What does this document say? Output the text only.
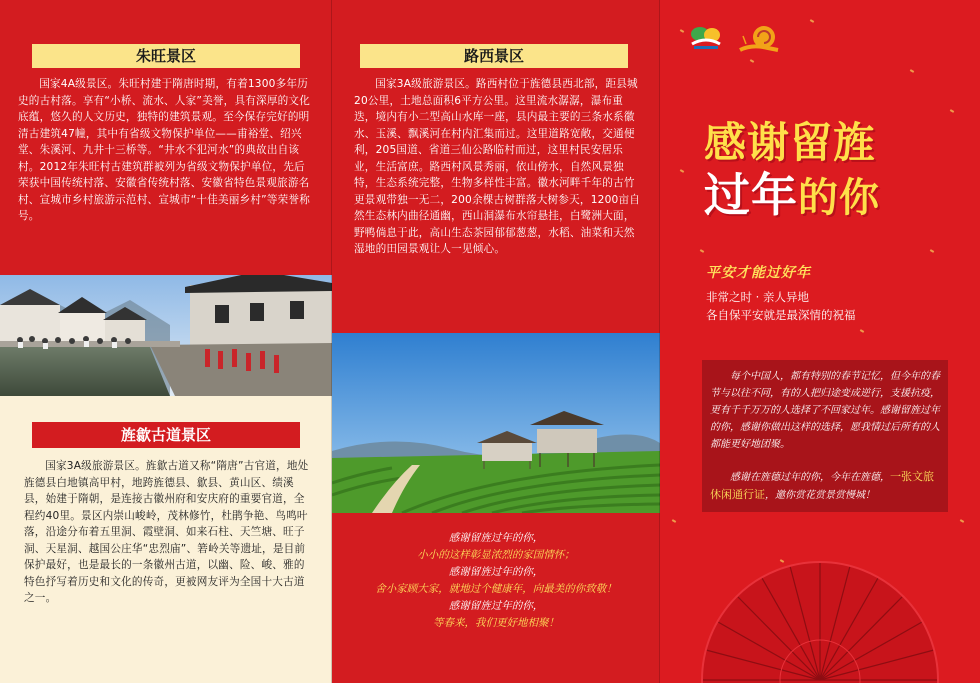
朱旺景区
国家4A级景区。朱旺村建于隋唐时期，有着1300多年历史的古村落。享有“小桥、流水、人家”美誉，具有深厚的文化底蕴，悠久的人文历史，独特的建筑景观。至今保存完好的明清古建筑47幢，其中有省级文物保护单位——甫裕堂、绍兴堂、朱溪河、九井十三桥等。“井水不犯河水”的典故出自该村。2012年朱旺村古建筑群被列为省级文物保护单位，先后荣获中国传统村落、安徽省传统村落、安徽省特色景观旅游名村、宣城市乡村旅游示范村、宣城市“十佳美丽乡村”等荣誉称号。
旌歙古道景区
国家3A级旅游景区。旌歙古道又称“隋唐”古官道，地处旌德县白地镇高甲村，地跨旌德县、歙县、黄山区、绩溪县，始建于隋朝，是连接古徽州府和安庆府的重要官道，全程约40里。景区内崇山峻岭，茂林修竹，杜鹃争艳、鸟鸣叶落，沿途分布着五里洞、霞壁洞、如来石柱、天竺塘、旺子洞、天星洞、越国公庄华“忠烈庙”、箬岭关等遗址，是目前保护最好，也是最长的一条徽州古道，以幽、险、峻、雅的特色抒写着历史和文化的传奇，更被网友评为全国十大古道之一。
路西景区
国家3A级旅游景区。路西村位于旌德县西北部，距县城20公里，土地总面积6平方公里。这里流水潺潺，瀑布重迭，境内有小二型高山水库一座，县内最主要的三条水系徽水、玉溪、飘溪河在村内汇集而过。这里道路宽敞，交通便利，205国道、省道三仙公路临村而过，这里村民安居乐业，生活富庶。路西村风景秀丽，依山傍水，自然风景独特，生态系统完整，生物多样性丰富。徽水河畔千年的古竹更景观带独一无二，200余棵古树群落大树参天，1200亩自然生态林内曲径通幽，西山洞瀑布水帘悬挂，白鹭洲大面，野鸭倘息于此，高山生态茶园郁郁葱葱，水稻、油菜和天然湿地的田园景观让人一见倾心。
感谢留旌过年的你，
小小的这样彰显浓烈的家国情怀；
感谢留旌过年的你，
舍小家顾大家，就地过个健康年，向最美的你致敬！
感谢留旌过年的你，
等春来，我们更好地相聚！
感谢留旌
过年的你
平安才能过好年
非常之时 · 亲人异地
各自保平安就是最深情的祝福
每个中国人，都有特别的春节记忆，但今年的春节与以往不同，有的人把归途变成逆行，支援抗疫，更有千千万万的人选择了不回家过年。感谢留旌过年的你，感谢你做出这样的选择，愿我情过后所有的人都能更好地团聚。
感谢在旌德过年的你，今年在旌德，一张文旅休闲通行证，邀你赏花赏景赏慢城！
